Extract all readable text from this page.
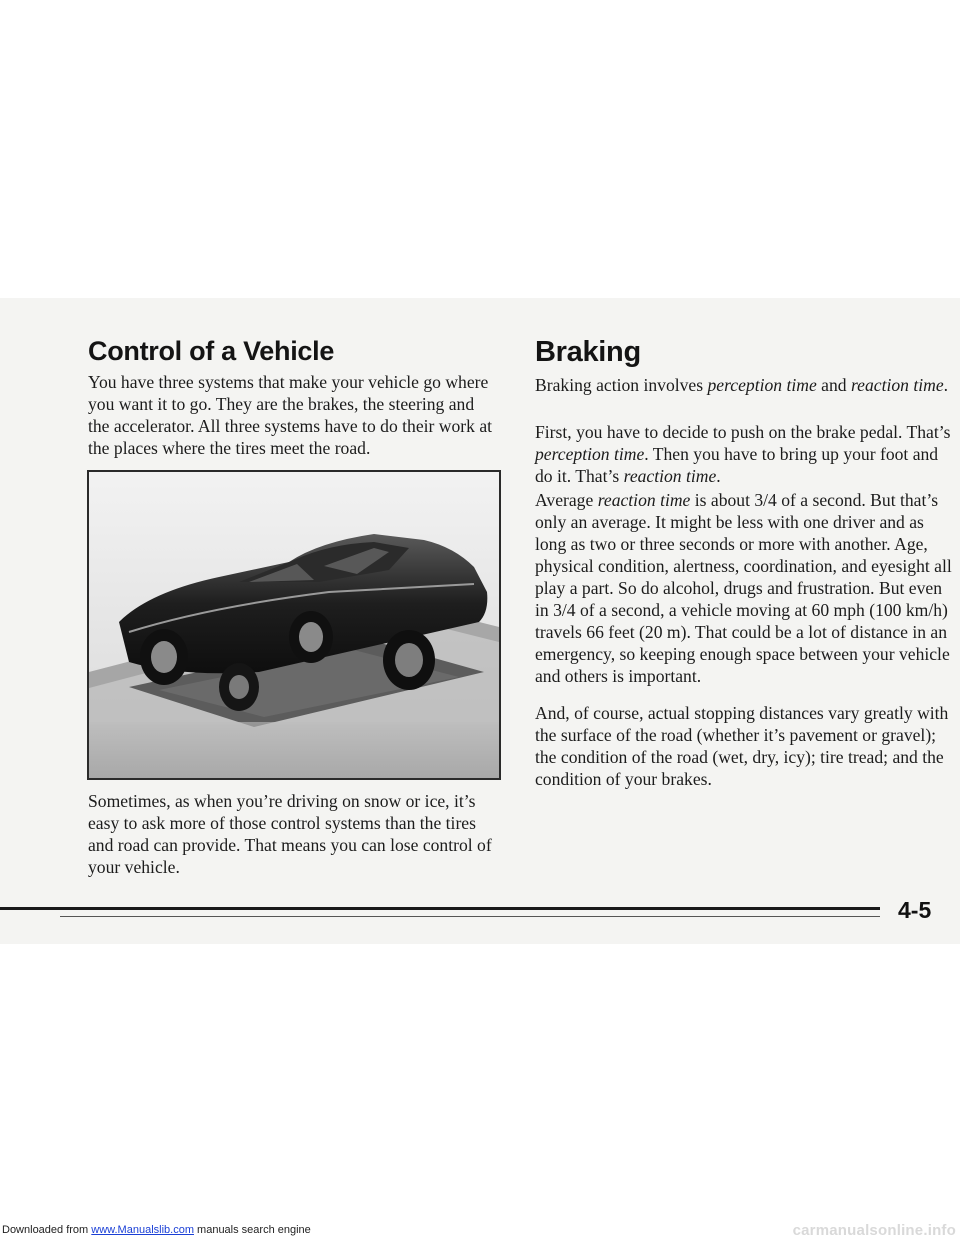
Control of a Vehicle

You have three systems that make your vehicle go where you want it to go. They are the brakes, the steering and the accelerator. All three systems have to do their work at the places where the tires meet the road.

Sometimes, as when you’re driving on snow or ice, it’s easy to ask more of those control systems than the tires and road can provide. That means you can lose control of your vehicle.

Braking

Braking action involves perception time and reaction time.

First, you have to decide to push on the brake pedal. That’s perception time. Then you have to bring up your foot and do it. That’s reaction time.

Average reaction time is about 3/4 of a second. But that’s only an average. It might be less with one driver and as long as two or three seconds or more with another. Age, physical condition, alertness, coordination, and eyesight all play a part. So do alcohol, drugs and frustration. But even in 3/4 of a second, a vehicle moving at 60 mph (100 km/h) travels 66 feet (20 m). That could be a lot of distance in an emergency, so keeping enough space between your vehicle and others is important.

And, of course, actual stopping distances vary greatly with the surface of the road (whether it’s pavement or gravel); the condition of the road (wet, dry, icy); tire tread; and the condition of your brakes.

4-5
Downloaded from www.Manualslib.com manuals search engine	carmanualsonline.info
